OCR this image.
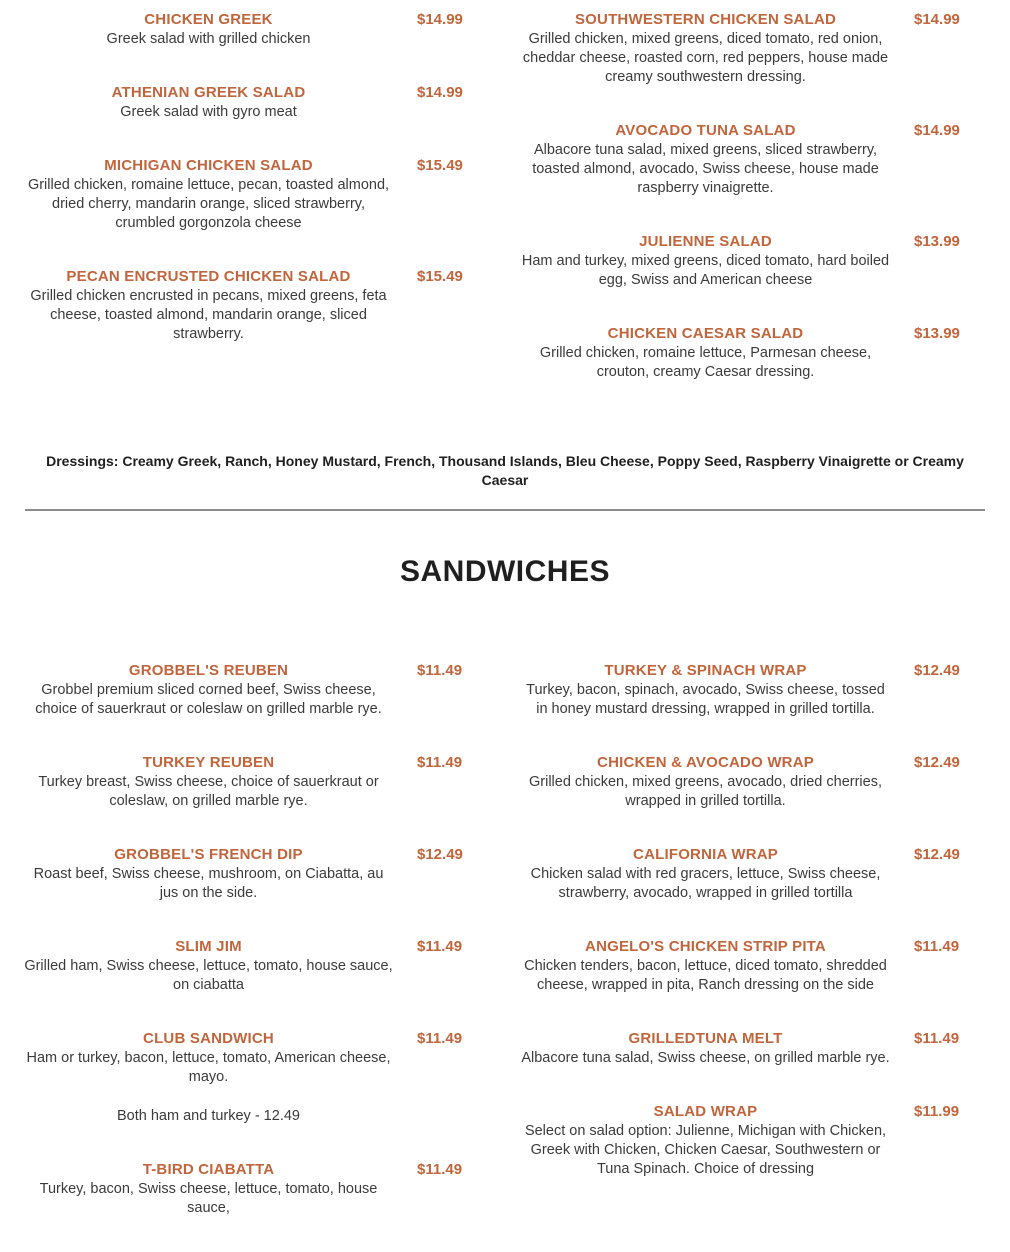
CHICKEN GREEK

Greek salad with grilled chicken

$14.99
ATHENIAN GREEK SALAD

Greek salad with gyro meat

$14.99
MICHIGAN CHICKEN SALAD

Grilled chicken, romaine lettuce, pecan, toasted almond, dried cherry, mandarin orange, sliced strawberry, crumbled gorgonzola cheese

$15.49
PECAN ENCRUSTED CHICKEN SALAD

Grilled chicken encrusted in pecans, mixed greens, feta cheese, toasted almond, mandarin orange, sliced strawberry.

$15.49
SOUTHWESTERN CHICKEN SALAD

Grilled chicken, mixed greens, diced tomato, red onion, cheddar cheese, roasted corn, red peppers, house made creamy southwestern dressing.

$14.99
AVOCADO TUNA SALAD

Albacore tuna salad, mixed greens, sliced strawberry, toasted almond, avocado, Swiss cheese, house made raspberry vinaigrette.

$14.99
JULIENNE SALAD

Ham and turkey, mixed greens, diced tomato, hard boiled egg, Swiss and American cheese

$13.99
CHICKEN CAESAR SALAD

Grilled chicken, romaine lettuce, Parmesan cheese, crouton, creamy Caesar dressing.

$13.99

Dressings: Creamy Greek, Ranch, Honey Mustard, French, Thousand Islands, Bleu Cheese, Poppy Seed, Raspberry Vinaigrette or Creamy Caesar

SANDWICHES
GROBBEL'S REUBEN

Grobbel premium sliced corned beef, Swiss cheese, choice of sauerkraut or coleslaw on grilled marble rye.

$11.49
TURKEY REUBEN

Turkey breast, Swiss cheese, choice of sauerkraut or coleslaw, on grilled marble rye.

$11.49
GROBBEL'S FRENCH DIP

Roast beef, Swiss cheese, mushroom, on Ciabatta, au jus on the side.

$12.49
SLIM JIM

Grilled ham, Swiss cheese, lettuce, tomato, house sauce, on ciabatta

$11.49
CLUB SANDWICH

Ham or turkey, bacon, lettuce, tomato, American cheese, mayo.

Both ham and turkey - 12.49

$11.49
T-BIRD CIABATTA

Turkey, bacon, Swiss cheese, lettuce, tomato, house sauce,

$11.49
TURKEY & SPINACH WRAP

Turkey, bacon, spinach, avocado, Swiss cheese, tossed in honey mustard dressing, wrapped in grilled tortilla.

$12.49
CHICKEN & AVOCADO WRAP

Grilled chicken, mixed greens, avocado, dried cherries, wrapped in grilled tortilla.

$12.49
CALIFORNIA WRAP

Chicken salad with red gracers, lettuce, Swiss cheese, strawberry, avocado, wrapped in grilled tortilla

$12.49
ANGELO'S CHICKEN STRIP PITA

Chicken tenders, bacon, lettuce, diced tomato, shredded cheese, wrapped in pita, Ranch dressing on the side

$11.49
GRILLEDTUNA MELT

Albacore tuna salad, Swiss cheese, on grilled marble rye.

$11.49
SALAD WRAP

Select on salad option: Julienne, Michigan with Chicken, Greek with Chicken, Chicken Caesar, Southwestern or Tuna Spinach. Choice of dressing

$11.99
